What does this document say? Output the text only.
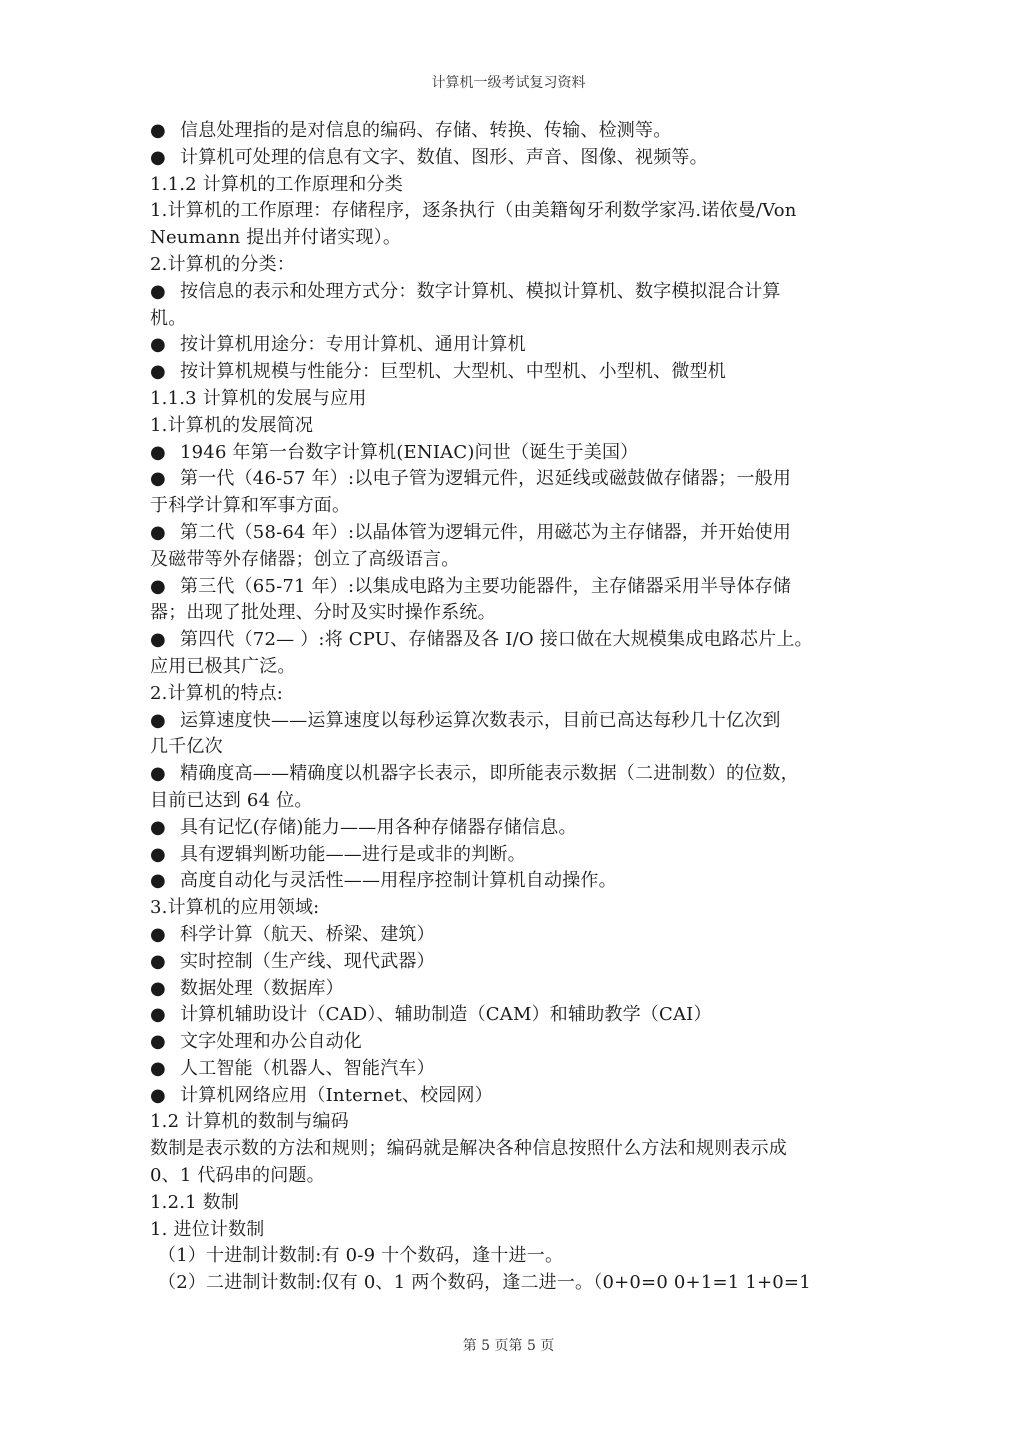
计算机一级考试复习资料
● 信息处理指的是对信息的编码、存储、转换、传输、检测等。
● 计算机可处理的信息有文字、数值、图形、声音、图像、视频等。
1.1.2 计算机的工作原理和分类
1.计算机的工作原理：存储程序，逐条执行（由美籍匈牙利数学家冯.诺依曼/Von
Neumann 提出并付诸实现）。
2.计算机的分类：
● 按信息的表示和处理方式分：数字计算机、模拟计算机、数字模拟混合计算
机。
● 按计算机用途分：专用计算机、通用计算机
● 按计算机规模与性能分：巨型机、大型机、中型机、小型机、微型机
1.1.3 计算机的发展与应用
1.计算机的发展简况
● 1946 年第一台数字计算机(ENIAC)问世（诞生于美国）
● 第一代（46-57 年）:以电子管为逻辑元件，迟延线或磁鼓做存储器；一般用
于科学计算和军事方面。
● 第二代（58-64 年）:以晶体管为逻辑元件，用磁芯为主存储器，并开始使用
及磁带等外存储器；创立了高级语言。
● 第三代（65-71 年）:以集成电路为主要功能器件，主存储器采用半导体存储
器；出现了批处理、分时及实时操作系统。
● 第四代（72— ）:将 CPU、存储器及各 I/O 接口做在大规模集成电路芯片上。
应用已极其广泛。
2.计算机的特点:
● 运算速度快——运算速度以每秒运算次数表示，目前已高达每秒几十亿次到
几千亿次
● 精确度高——精确度以机器字长表示，即所能表示数据（二进制数）的位数，
目前已达到 64 位。
● 具有记忆(存储)能力——用各种存储器存储信息。
● 具有逻辑判断功能——进行是或非的判断。
● 高度自动化与灵活性——用程序控制计算机自动操作。
3.计算机的应用领域:
● 科学计算（航天、桥梁、建筑）
● 实时控制（生产线、现代武器）
● 数据处理（数据库）
● 计算机辅助设计（CAD）、辅助制造（CAM）和辅助教学（CAI）
● 文字处理和办公自动化
● 人工智能（机器人、智能汽车）
● 计算机网络应用（Internet、校园网）
1.2 计算机的数制与编码
数制是表示数的方法和规则；编码就是解决各种信息按照什么方法和规则表示成
0、1 代码串的问题。
1.2.1 数制
1. 进位计数制
（1）十进制计数制:有 0-9 十个数码，逢十进一。
（2）二进制计数制:仅有 0、1 两个数码，逢二进一。（0+0=0 0+1=1 1+0=1
第 5 页第 5 页
